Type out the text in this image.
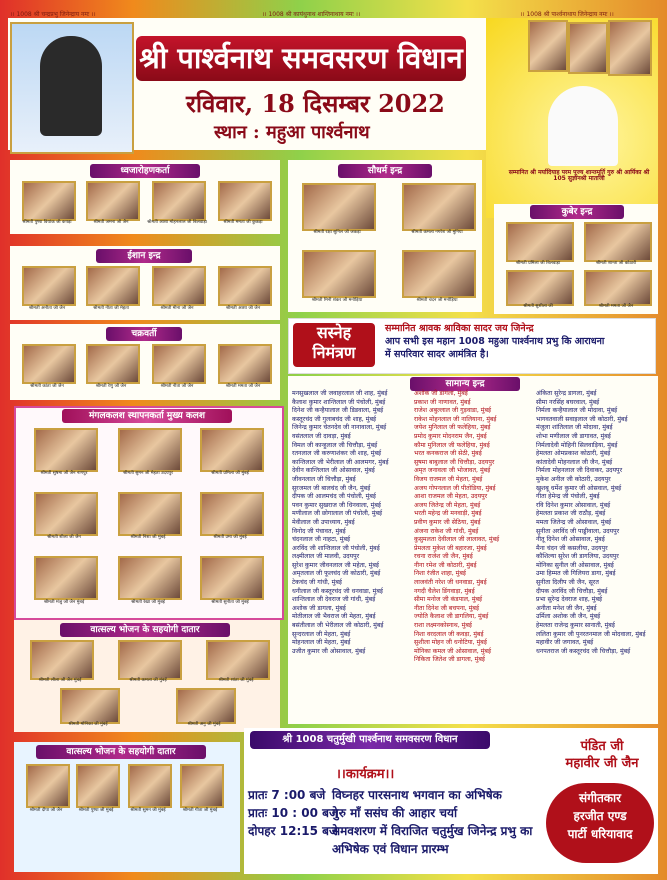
।। 1008 श्री चन्द्रप्रभु जिनेन्द्राय नमः ।।	।। 1008 श्री कायंथुनाथ शान्तिनाथाय नमः ।।	।। 1008 श्री पार्श्वनाथाय जिनेन्द्राय नमः ।।
श्री पार्श्वनाथ समवसरण विधान
रविवार, 18 दिसम्बर 2022
स्थान : महुआ पार्श्वनाथ
सम्मानित श्री मर्यादियाह परम पूज्य शान्तमूर्ति गुरु श्री आर्यिका श्री 105 सुज्ञानश्री माताजी
ध्वजारोहणकर्ता
श्रीमती पुष्पा वियांक जी कपड़ा	श्रीमती जमना जी जैन	श्रीमती आशा मोहनलाल जी बिलवाड़ा	श्रीमती ममता जी कुकड़ा
ईशान इन्द्र
श्रीमती अनीता जी जैन	श्रीमती नीता जी मेहता	श्रीमती मीना जी जैन	श्रीमती आशा जी जैन
चक्रवर्ती
श्रीमती कांता जी जैन	श्रीमती रेणु जी जैन	श्रीमती नीता जी जैन	श्रीमती ममता जी जैन
सौधर्म इन्द्र
श्रीमती रक्षा सुनिल जी जकड़ा	श्रीमती कमला नगरेश जी मुनिया
श्रीमती मिनी शंकर जी मनोड़िया	श्रीमती चंदन जी मनोड़िया
कुबेर इन्द्र
श्रीमती प्रमिला जी बिलवाड़ा	श्रीमती शान्ता जी कोठारी
श्रीमती सुशीला जी	श्रीमती ममता जी जैन
सस्नेह निमंत्रण
सम्मानित श्रावक श्राविका सादर जय जिनेन्द्र
आप सभी इस महान 1008 महुआ पार्श्वनाथ प्रभु कि आराधना
में सपरिवार सादर आमंत्रित है।
सामान्य इन्द्र
मनसुखलाल जी जवाहरलाल जी शाह, मुंबई
कैलाश कुमार शान्तिलाल जी पंचोली, मुंबई
दिनेश जी कन्हैयालाल जी डिडवाला, मुंबई
कस्तूरचंद जी गुलाबचंद जी शाह, मुंबई
जिनेन्द्र कुमार चेतनदेव जी नानावाला, मुंबई
वसंतलाल जी दावड़ा, मुंबई
विमल जी कान्हुलाल जी चित्तौड़ा, मुंबई
रतनलाल जी करुणाशंकर जी शाह, मुंबई
कान्तिलाल जी भेरीलाल जी आलमगर, मुंबई
देवीन कान्तिलाल जी ओसावाल, मुंबई
जीवनलाल जी चित्तौड़ा, मुंबई
सुरजमल जी बालचंद जी जैन, मुंबई
दीपक जी आलमचंद जी पंचोली, मुंबई
पवन कुमार सुखराज जी धिनवाला, मुंबई
मणीलाल जी छोगालाल जी पंचोली, मुंबई
मेवीलाल जी उपाध्याय, मुंबई
विनोद जी पंचावत, मुंबई
चंदनलाल जी नाहटा, मुंबई
अरविंद जी शान्तिलाल जी पंचोली, मुंबई
लक्ष्मीलाल जी मालवी, उदयपुर
सुरेश कुमार जीवनलाल जी महेता, मुंबई
अमृतलाल जी फूलचंद जी कोठारी, मुंबई
टेकचंद जी गांधी, मुंबई
धनीलाल जी कस्तूरचंद जी धनवाडा, मुंबई
शान्तिलाल जी देवराज जी गांधी, मुंबई
अशोक जी डागला, मुंबई
मोतीलाल जी भैवराज जी मेहता, मुंबई
बसंतीलाल जी भेरीलाल जी कोठारी, मुंबई
सुन्दरलाल जी मेहता, मुंबई
मोहनलाल जी मेहता, मुंबई
उजीत कुमार जी ओसावाल, मुंबई
अशोक जी डागला, मुंबई
प्रकाश जी नाणावत, मुंबई
राजेश अबुल्लाल जी गुड़वाडा, मुंबई
राकेश मोहनलाल जी नालियाना, मुंबई
जयेश मुनिलाल जी फलेहिया, मुंबई
प्रमोद कुमार मोदनराम जैन, मुंबई
कौमा मुनिलाल जी फलेहिया, मुंबई
भरत कनकराज जी सेठी, मुंबई
सुषमा बाबुलाल जी चित्तौड़ा, उदयपुर
अमृत जनावला जी भोजावत, मुंबई
विजय राजमल जी मेहता, मुंबई
अजय गोपनलाल जी पीतोडिया, मुंबई
आशा राजमल जी मेहता, उदयपुर
अजय जितेन्द्र जी मेहता, मुंबई
भरती महेन्द्र जी मनवाड़ी, मुंबई
प्रवीण कुमार जी सेठिया, मुंबई
अंजना राकेश जी गांधी, मुंबई
कुसुमलता देवीलाल जी लालावत, मुंबई
प्रेमलता मुकेश जी बहारजा, मुंबई
रचना राजेश जी जैन, मुंबई
नीना रमेश जी कोठारी, मुंबई
निशा रंजीत शाहा, मुंबई
लाजवंती नरेश जी धनवाडा, मुंबई
नगदी चैलेश डिंगवाड़ा, मुंबई
सीमा मनोज जी कंडपाल, मुंबई
नीता दिनेश जी बचपना, मुंबई
ज्योति कैलाश जी डागलिया, मुंबई
राशा लक्ष्मनकोस्नाथ, मुंबई
निशा वरदलाल जी कवड़ा, मुंबई
सुशीला मोहन जी धनोटिया, मुंबई
मोनिका कमल जी ओसावाल, मुंबई
निकिता जितेश जी डागला, मुंबई
अंकिता सुरेन्द्र डागला, मुंबई
सीमा नरसिंह बघरवाल, मुंबई
निर्मला कन्हैयालाल जी मोदावा, मुंबई
भागवतवाली सवाइलाल जी कोठारी, मुंबई
मंजुला शांतिलाल जी मोदावा, मुंबई
शोभा मणीलाल जी डागावत, मुंबई
निर्मलादेवी मोहिनी सिलवाड़िया, मुंबई
हेमलता ओमप्रकाश कोठारी, मुंबई
कांतादेवी मोहनलाल जी जैन, मुंबई
निर्मला मोहनलाल जी दिवाकर, उदयपुर
मुकेश अनील जी कोठारी, उदयपुर
खुशबू धर्मेश कुमार जी ओसवाल, मुंबई
गीता हेमेन्द्र जी पंचोली, मुंबई
रवि दिनेश कुमार ओसावाल, मुंबई
हेमलता प्रकाश जी राठौड़, मुंबई
ममता जितेन्द्र जी ओसावाल, मुंबई
सुनीता अरविंद जी पाड्डीवाला, उदयपुर
नीतू दिनेश जी ओसावाल, मुंबई
मैना चंदन जी कसलीया, उदयपुर
कौशिल्या सुरेश जी डागलिया, उदयपुर
मोनिका सुनील जी ओसावाल, मुंबई
उमा हिम्मत जी गिलियरा डागा, मुंबई
सुनीता दिलीप जी जैन, सूरत
दीपक अरविंद जी चित्तौड़ा, मुंबई
प्रभा सुरेन्द्र देवराज शाह, मुंबई
अनीता मनेश जी जैन, मुंबई
उर्मिला अशोक जी जैन, मुंबई
हेमलता राजेन्द्र कुमार सानाती, मुंबई
ललिता कुमार जी पुनरतनमाल जी मोदवाला, मुंबई
महावीर जी जगावत, मुंबई
धनपतराज जी कस्तूरचंद जी चित्तौड़ा, मुंबई
मंगलकलश स्थापनकर्ता मुख्य कलश
श्रीमती सुषमा जी जैन नागपुर	श्रीमती सुमन जी मेहता उदयपुर	श्रीमती प्रमिला जी मुंबई
श्रीमती शीला जी जैन	श्रीमती निशा जी मुंबई	श्रीमती उमा जी मुंबई
श्रीमती मंजु जी जैन मुंबई	श्रीमती रेखा जी मुंबई	श्रीमती सुनीता जी मुंबई
वात्सल्य भोजन के सहयोगी दातार
श्रीमती लीला जी जैन मुंबई	श्रीमती कमला जी मुंबई	श्रीमती शांता जी मुंबई
श्रीमती मोनिका जी मुंबई	श्रीमती अनु जी मुंबई
वात्सल्य भोजन के सहयोगी दातार
श्रीमती दीपा जी जैन	श्रीमती पुष्पा जी मुंबई	श्रीमती सुमन जी मुंबई	श्रीमती गीता जी मुंबई
श्री 1008 चतुर्मुखी पार्श्वनाथ समवसरण विधान
।।कार्यक्रम।।
प्रातः 7 :00 बजे विघ्नहर पारसनाथ भगवान का अभिषेक
प्रातः 10 : 00 बजे
गुरु माँ ससंघ की आहार चर्या
दोपहर 12:15 बजे
समवशरण में विराजित चतुर्मुख जिनेन्द्र प्रभु का
अभिषेक एवं विधान प्रारम्भ
पंडित जी
महावीर जी जैन
संगीतकार
हरजीत एण्ड
पार्टी धरियावाद
